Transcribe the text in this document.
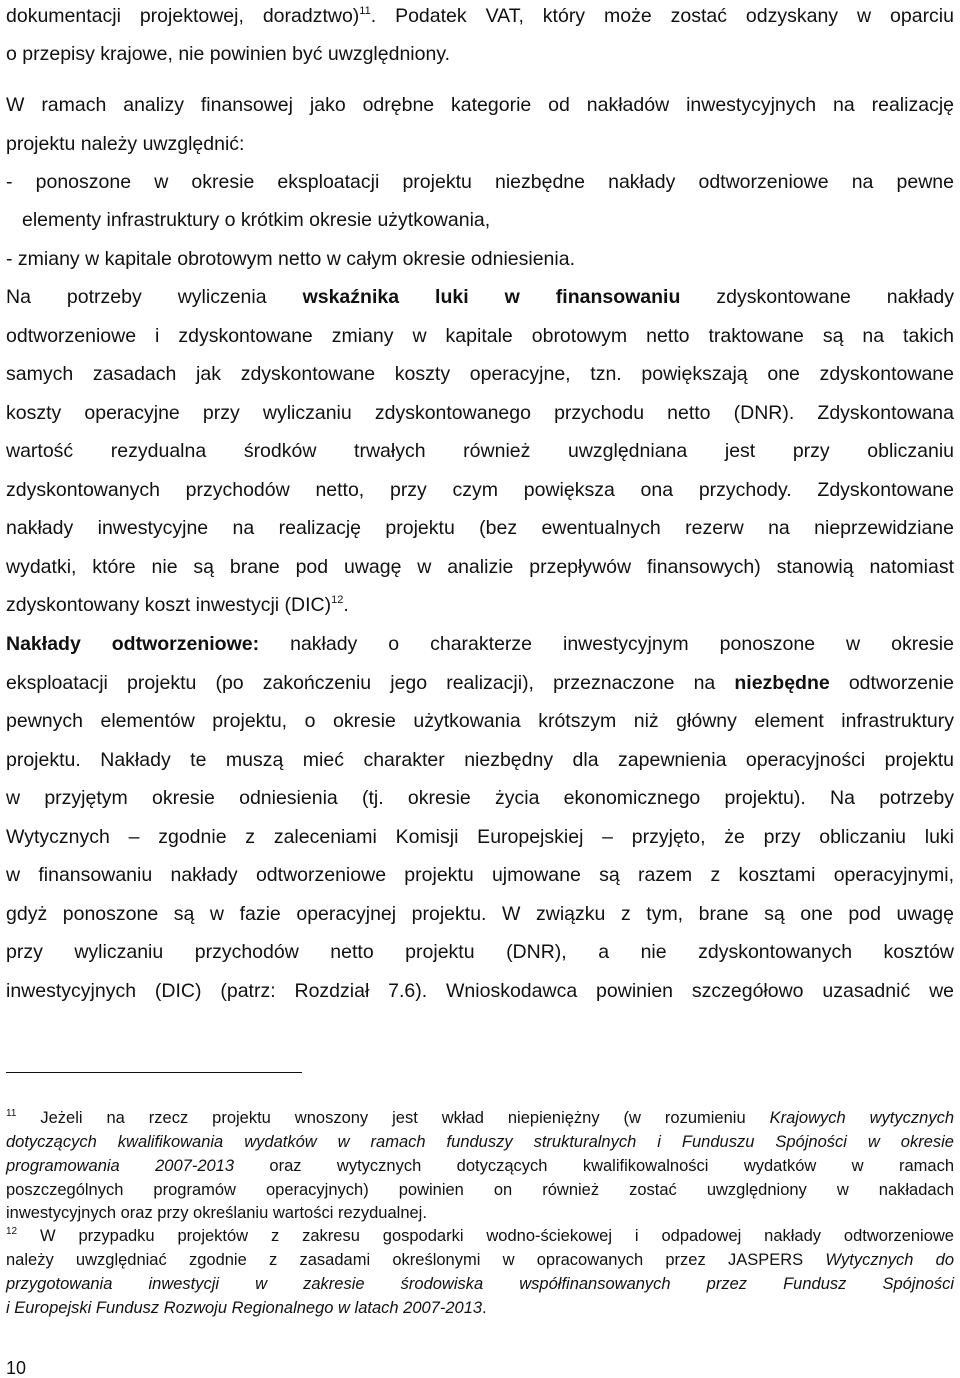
dokumentacji projektowej, doradztwo)$^{11}$. Podatek VAT, który może zostać odzyskany w oparciu
o przepisy krajowe, nie powinien być uwzględniony.
W ramach analizy finansowej jako odrębne kategorie od nakładów inwestycyjnych na realizację
projektu należy uwzględnić:
- ponoszone w okresie eksploatacji projektu niezbędne nakłady odtworzeniowe na pewne
elementy infrastruktury o krótkim okresie użytkowania,
- zmiany w kapitale obrotowym netto w całym okresie odniesienia.
Na potrzeby wyliczenia wskaźnika luki w finansowaniu zdyskontowane nakłady
odtworzeniowe i zdyskontowane zmiany w kapitale obrotowym netto traktowane są na takich
samych zasadach jak zdyskontowane koszty operacyjne, tzn. powiększają one zdyskontowane
koszty operacyjne przy wyliczaniu zdyskontowanego przychodu netto (DNR). Zdyskontowana
wartość rezydualna środków trwałych również uwzględniana jest przy obliczaniu
zdyskontowanych przychodów netto, przy czym powiększa ona przychody. Zdyskontowane
nakłady inwestycyjne na realizację projektu (bez ewentualnych rezerw na nieprzewidziane
wydatki, które nie są brane pod uwagę w analizie przepływów finansowych) stanowią natomiast
zdyskontowany koszt inwestycji (DIC)$^{12}$.
Nakłady odtworzeniowe: nakłady o charakterze inwestycyjnym ponoszone w okresie
eksploatacji projektu (po zakończeniu jego realizacji), przeznaczone na niezbędne odtworzenie
pewnych elementów projektu, o okresie użytkowania krótszym niż główny element infrastruktury
projektu. Nakłady te muszą mieć charakter niezbędny dla zapewnienia operacyjności projektu
w przyjętym okresie odniesienia (tj. okresie życia ekonomicznego projektu). Na potrzeby
Wytycznych – zgodnie z zaleceniami Komisji Europejskiej – przyjęto, że przy obliczaniu luki
w finansowaniu nakłady odtworzeniowe projektu ujmowane są razem z kosztami operacyjnymi,
gdyż ponoszone są w fazie operacyjnej projektu. W związku z tym, brane są one pod uwagę
przy wyliczaniu przychodów netto projektu (DNR), a nie zdyskontowanych kosztów
inwestycyjnych (DIC) (patrz: Rozdział 7.6). Wnioskodawca powinien szczegółowo uzasadnić we
$^{11}$ Jeżeli na rzecz projektu wnoszony jest wkład niepieniężny (w rozumieniu Krajowych wytycznych
dotyczących kwalifikowania wydatków w ramach funduszy strukturalnych i Funduszu Spójności w okresie
programowania 2007-2013 oraz wytycznych dotyczących kwalifikowalności wydatków w ramach
poszczególnych programów operacyjnych) powinien on również zostać uwzględniony w nakładach
inwestycyjnych oraz przy określaniu wartości rezydualnej.
$^{12}$ W przypadku projektów z zakresu gospodarki wodno-ściekowej i odpadowej nakłady odtworzeniowe
należy uwzględniać zgodnie z zasadami określonymi w opracowanych przez JASPERS Wytycznych do
przygotowania inwestycji w zakresie środowiska współfinansowanych przez Fundusz Spójności
i Europejski Fundusz Rozwoju Regionalnego w latach 2007-2013.
10
